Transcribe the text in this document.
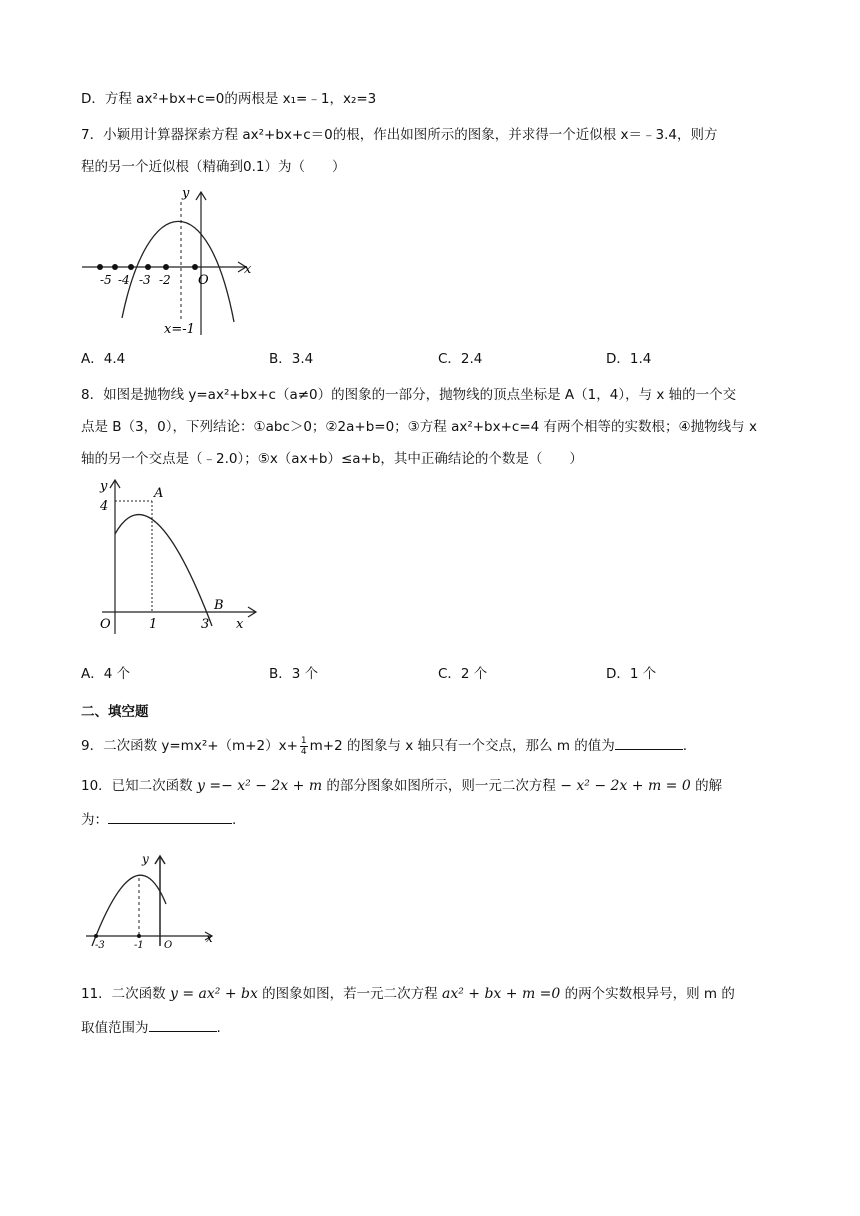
D．方程 ax²+bx+c=0的两根是 x₁=﹣1，x₂=3
7．小颖用计算器探索方程 ax²+bx+c＝0的根，作出如图所示的图象，并求得一个近似根 x＝﹣3.4，则方
程的另一个近似根（精确到0.1）为（　　）
y
x
O
-5 -4 -3 -2
x=-1
A．4.4	B．3.4	C．2.4	D．1.4
8．如图是抛物线 y=ax²+bx+c（a≠0）的图象的一部分，抛物线的顶点坐标是 A（1，4），与 x 轴的一个交
点是 B（3，0），下列结论：①abc＞0；②2a+b=0；③方程 ax²+bx+c=4 有两个相等的实数根；④抛物线与 x
轴的另一个交点是（﹣2.0）；⑤x（ax+b）≤a+b，其中正确结论的个数是（　　）
y
4
A
B
O	1	3 x
A．4 个	B．3 个	C．2 个	D．1 个
二、填空题
9．二次函数 $y=mx^2+(m+2)x+ \frac{1}{4} m+2$ 的图象与 x 轴只有一个交点，那么 m 的值为	.
10．已知二次函数 y =− x² − 2x + m 的部分图象如图所示，则一元二次方程 − x² − 2x + m = 0 的解
为：	.
y
x
O
-3	-1
11．二次函数 y = ax² + bx 的图象如图，若一元二次方程 ax² + bx + m =0 的两个实数根异号，则 m 的
取值范围为	.
